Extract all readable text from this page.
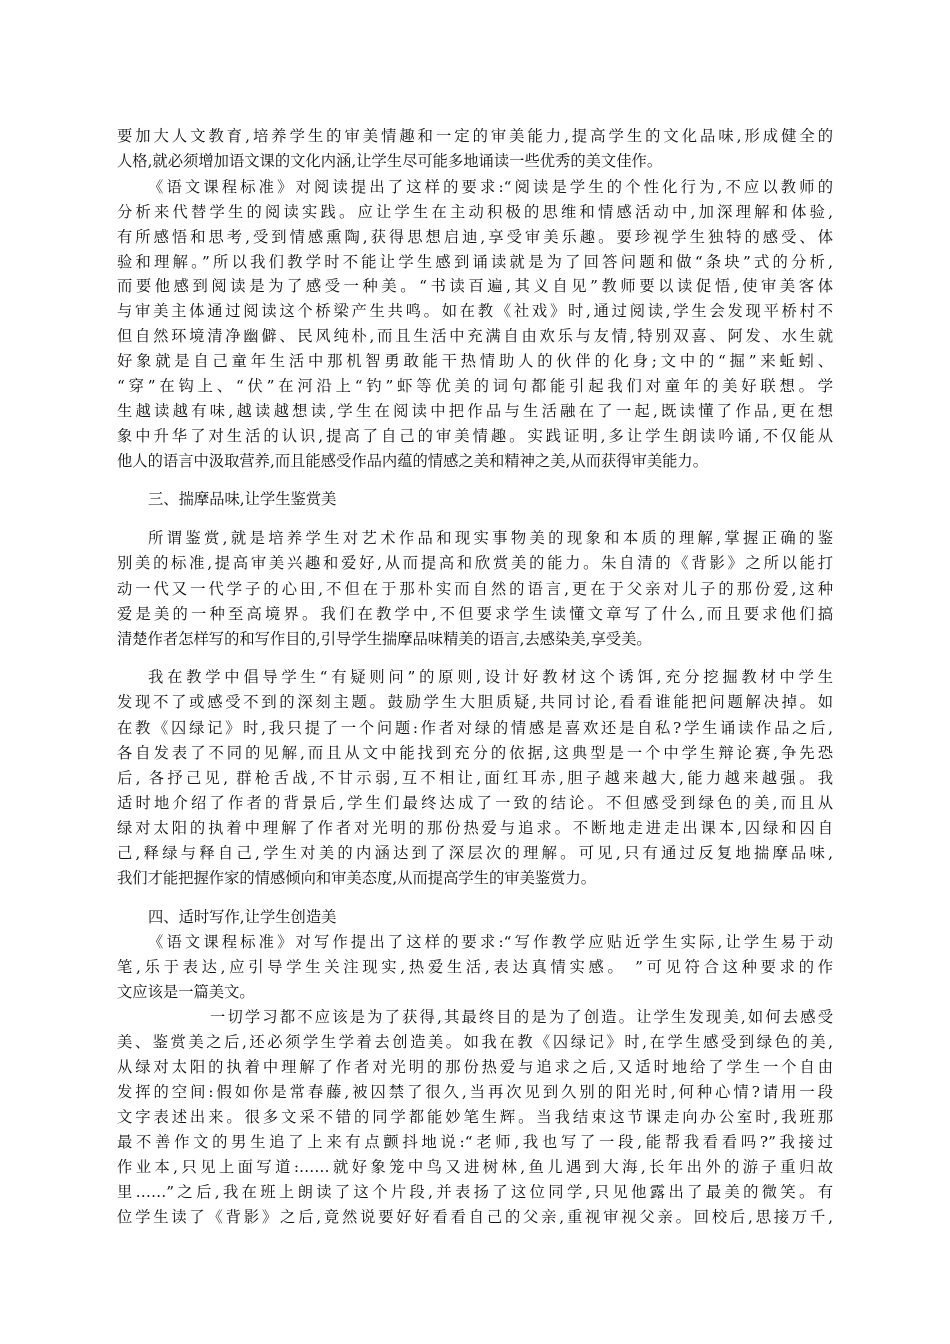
要加大人文教育,培养学生的审美情趣和一定的审美能力,提高学生的文化品味,形成健全的

人格,就必须增加语文课的文化内涵,让学生尽可能多地诵读一些优秀的美文佳作。

《语文课程标准》对阅读提出了这样的要求:“阅读是学生的个性化行为,不应以教师的

分析来代替学生的阅读实践。应让学生在主动积极的思维和情感活动中,加深理解和体验,

有所感悟和思考,受到情感熏陶,获得思想启迪,享受审美乐趣。要珍视学生独特的感受、体

验和理解。”所以我们教学时不能让学生感到诵读就是为了回答问题和做“条块”式的分析,

而要他感到阅读是为了感受一种美。“书读百遍,其义自见”教师要以读促悟,使审美客体

与审美主体通过阅读这个桥梁产生共鸣。如在教《社戏》时,通过阅读,学生会发现平桥村不

但自然环境清净幽僻、民风纯朴,而且生活中充满自由欢乐与友情,特别双喜、阿发、水生就

好象就是自己童年生活中那机智勇敢能干热情助人的伙伴的化身;文中的“掘”来蚯蚓、

“穿”在钩上、“伏”在河沿上“钓”虾等优美的词句都能引起我们对童年的美好联想。学

生越读越有味,越读越想读,学生在阅读中把作品与生活融在了一起,既读懂了作品,更在想

象中升华了对生活的认识,提高了自己的审美情趣。实践证明,多让学生朗读吟诵,不仅能从

他人的语言中汲取营养,而且能感受作品内蕴的情感之美和精神之美,从而获得审美能力。

三、揣摩品味,让学生鉴赏美

所谓鉴赏,就是培养学生对艺术作品和现实事物美的现象和本质的理解,掌握正确的鉴

别美的标准,提高审美兴趣和爱好,从而提高和欣赏美的能力。朱自清的《背影》之所以能打

动一代又一代学子的心田,不但在于那朴实而自然的语言,更在于父亲对儿子的那份爱,这种

爱是美的一种至高境界。我们在教学中,不但要求学生读懂文章写了什么,而且要求他们搞

清楚作者怎样写的和写作目的,引导学生揣摩品味精美的语言,去感染美,享受美。

我在教学中倡导学生“有疑则问”的原则,设计好教材这个诱饵,充分挖掘教材中学生

发现不了或感受不到的深刻主题。鼓励学生大胆质疑,共同讨论,看看谁能把问题解决掉。如

在教《囚绿记》时,我只提了一个问题:作者对绿的情感是喜欢还是自私?学生诵读作品之后,

各自发表了不同的见解,而且从文中能找到充分的依据,这典型是一个中学生辩论赛,争先恐

后, 各抒己见, 群枪舌战,不甘示弱,互不相让,面红耳赤,胆子越来越大,能力越来越强。我

适时地介绍了作者的背景后,学生们最终达成了一致的结论。不但感受到绿色的美,而且从

绿对太阳的执着中理解了作者对光明的那份热爱与追求。不断地走进走出课本,囚绿和囚自

己,释绿与释自己,学生对美的内涵达到了深层次的理解。可见,只有通过反复地揣摩品味,

我们才能把握作家的情感倾向和审美态度,从而提高学生的审美鉴赏力。

四、适时写作,让学生创造美

《语文课程标准》对写作提出了这样的要求:“写作教学应贴近学生实际,让学生易于动

笔,乐于表达,应引导学生关注现实,热爱生活,表达真情实感。 ”可见符合这种要求的作

文应该是一篇美文。

一切学习都不应该是为了获得,其最终目的是为了创造。让学生发现美,如何去感受

美、鉴赏美之后,还必须学生学着去创造美。如我在教《囚绿记》时,在学生感受到绿色的美,

从绿对太阳的执着中理解了作者对光明的那份热爱与追求之后,又适时地给了学生一个自由

发挥的空间:假如你是常春藤,被囚禁了很久,当再次见到久别的阳光时,何种心情?请用一段

文字表述出来。很多文采不错的同学都能妙笔生辉。当我结束这节课走向办公室时,我班那

最不善作文的男生追了上来有点颤抖地说:“老师,我也写了一段,能帮我看看吗?”我接过

作业本,只见上面写道:……就好象笼中鸟又进树林,鱼儿遇到大海,长年出外的游子重归故

里……”之后,我在班上朗读了这个片段,并表扬了这位同学,只见他露出了最美的微笑。有

位学生读了《背影》之后,竟然说要好好看看自己的父亲,重视审视父亲。回校后,思接万千,
